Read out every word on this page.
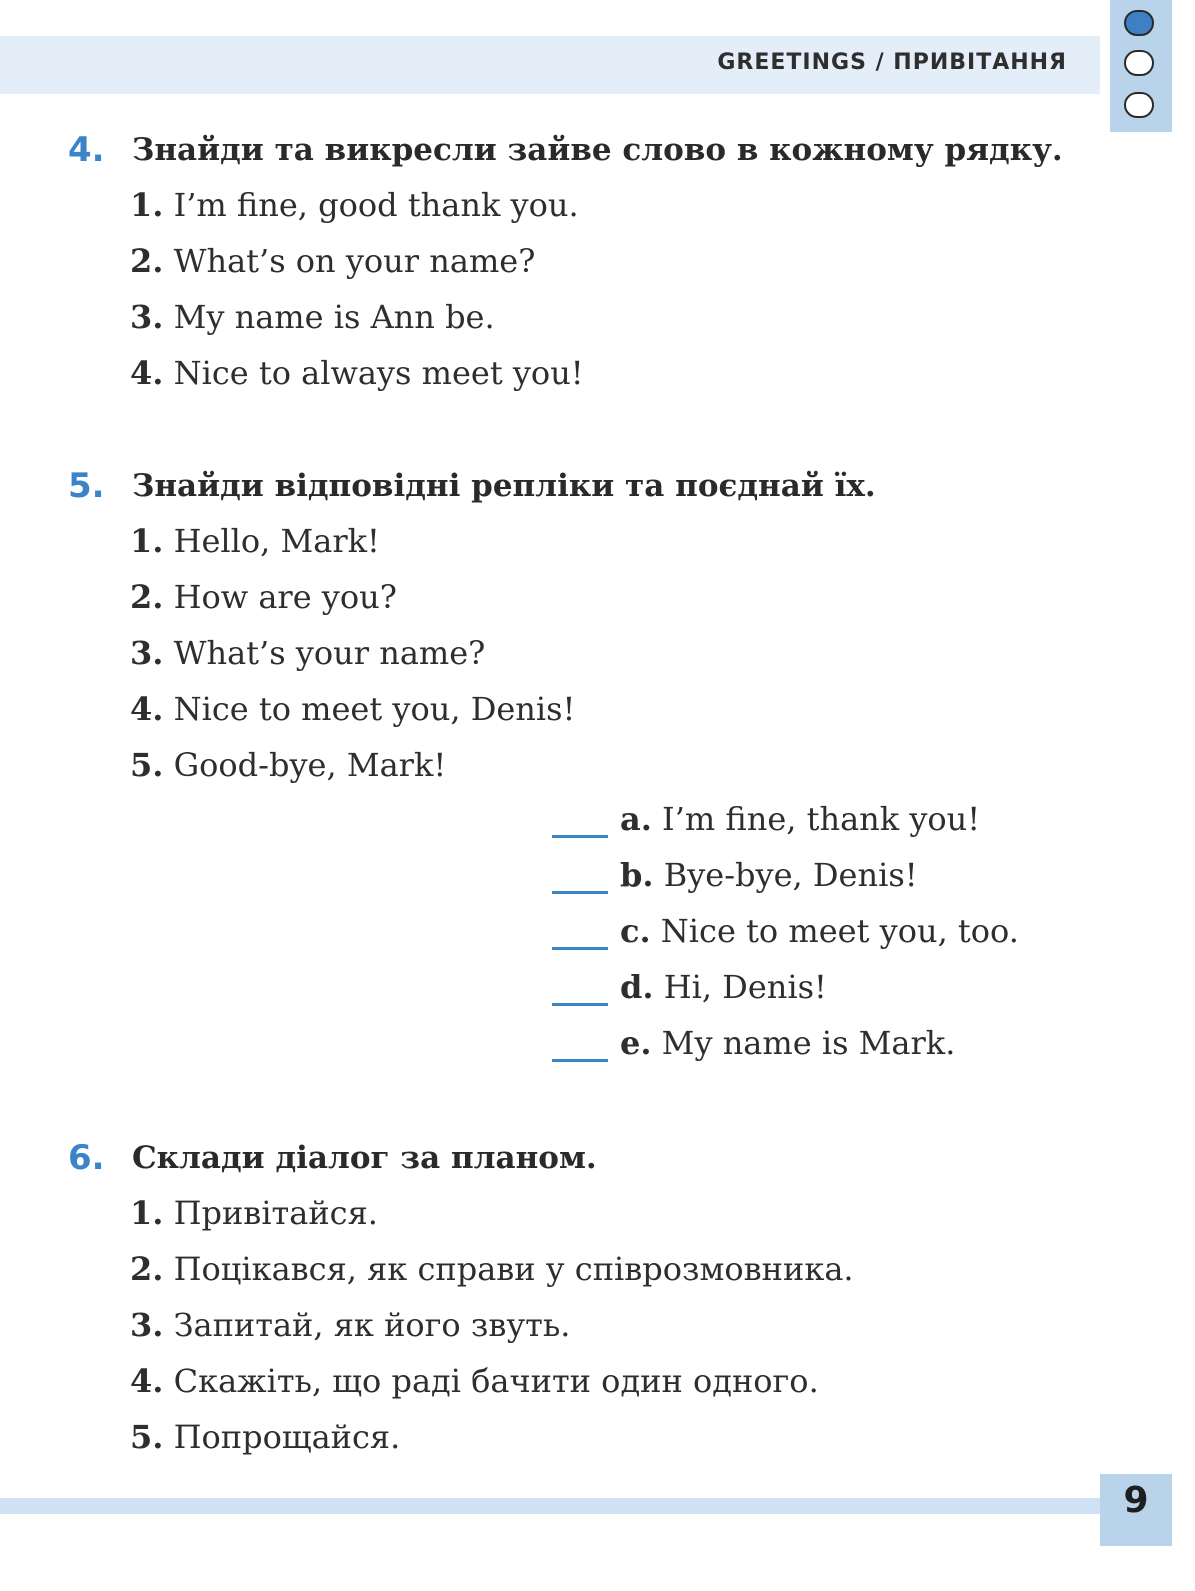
GREETINGS / ПРИВІТАННЯ
4. Знайди та викресли зайве слово в кожному рядку.
1. I’m fine, good thank you.
2. What’s on your name?
3. My name is Ann be.
4. Nice to always meet you!
5. Знайди відповідні репліки та поєднай їх.
1. Hello, Mark!
2. How are you?
3. What’s your name?
4. Nice to meet you, Denis!
5. Good-bye, Mark!
a. I’m fine, thank you!
b. Bye-bye, Denis!
c. Nice to meet you, too.
d. Hi, Denis!
e. My name is Mark.
6. Склади діалог за планом.
1. Привітайся.
2. Поцікався, як справи у співрозмовника.
3. Запитай, як його звуть.
4. Скажіть, що раді бачити один одного.
5. Попрощайся.
9
